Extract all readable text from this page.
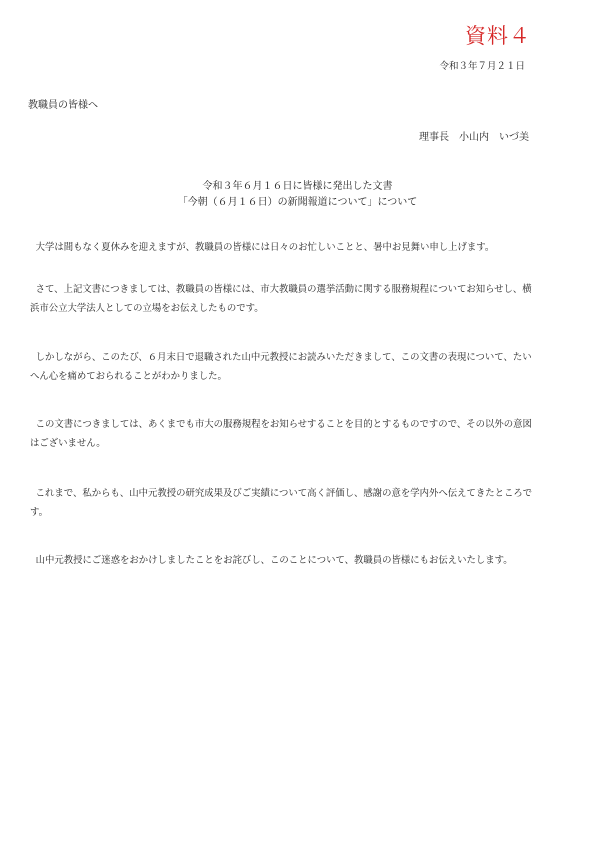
資料４
令和３年７月２１日
教職員の皆様へ
理事長　小山内　いづ美
令和３年６月１６日に皆様に発出した文書
「今朝（６月１６日）の新聞報道について」について

大学は間もなく夏休みを迎えますが、教職員の皆様には日々のお忙しいことと、暑中お見舞い申し上げます。

さて、上記文書につきましては、教職員の皆様には、市大教職員の選挙活動に関する服務規程についてお知らせし、横浜市公立大学法人としての立場をお伝えしたものです。

しかしながら、このたび、６月末日で退職された山中元教授にお読みいただきまして、この文書の表現について、たいへん心を痛めておられることがわかりました。

この文書につきましては、あくまでも市大の服務規程をお知らせすることを目的とするものですので、その以外の意図はございません。

これまで、私からも、山中元教授の研究成果及びご実績について高く評価し、感謝の意を学内外へ伝えてきたところです。

山中元教授にご迷惑をおかけしましたことをお詫びし、このことについて、教職員の皆様にもお伝えいたします。
